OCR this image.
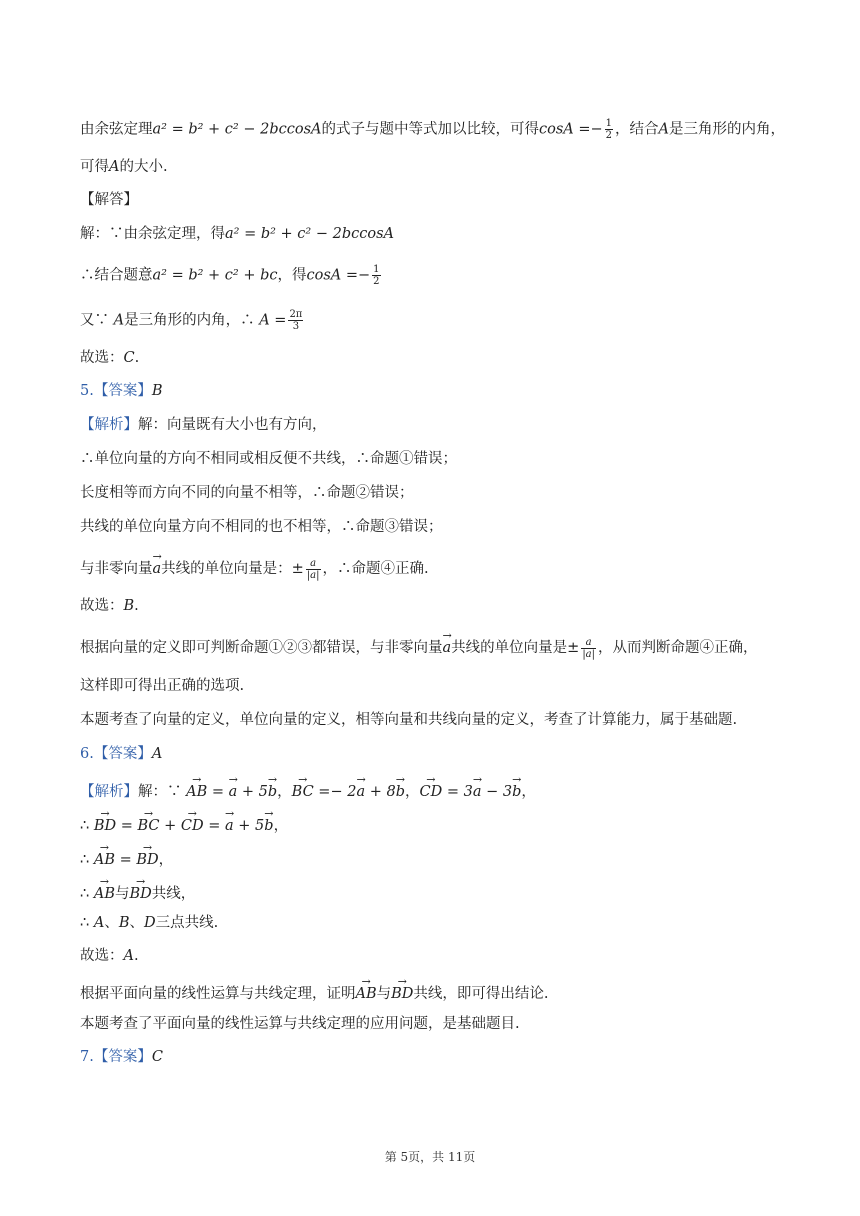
由余弦定理a² = b² + c² − 2bccosA的式子与题中等式加以比较，可得$\cos A =- \frac{1}{2}$ ，结合A是三角形的内角，
可得A的大小.
【解答】
解：∵由余弦定理，得a² = b² + c² − 2bccosA
∴结合题意a² = b² + c² + bc，得$\cos A =- \frac{1}{2}$
又∵ A是三角形的内角，∴ $A = \frac{2\pi}{3}$
故选：C.
5.【答案】B
【解析】解：向量既有大小也有方向，
∴单位向量的方向不相同或相反便不共线，∴命题①错误；
长度相等而方向不同的向量不相等，∴命题②错误；
共线的单位向量方向不相同的也不相等，∴命题③错误；
与非零向量→ a共线的单位向量是：± $\frac{a}{|a|}$ ，∴命题④正确.
故选：B.
根据向量的定义即可判断命题①②③都错误，与非零向量→ a共线的单位向量是± $\frac{a}{|a|}$ ，从而判断命题④正确，
这样即可得出正确的选项.
本题考查了向量的定义，单位向量的定义，相等向量和共线向量的定义，考查了计算能力，属于基础题.
6.【答案】A
【解析】解：∵ → AB = → a + 5→ b，→ BC =− 2→ a + 8→ b，→ CD = 3→ a − 3→ b，
∴ → BD = → BC + → CD = → a + 5→ b，
∴ → AB = → BD，
∴ → AB与→ BD共线，
∴ A、B、D三点共线.
故选：A.
根据平面向量的线性运算与共线定理，证明→ AB与→ BD共线，即可得出结论.
本题考查了平面向量的线性运算与共线定理的应用问题，是基础题目.
7.【答案】C
第 5页，共 11页
